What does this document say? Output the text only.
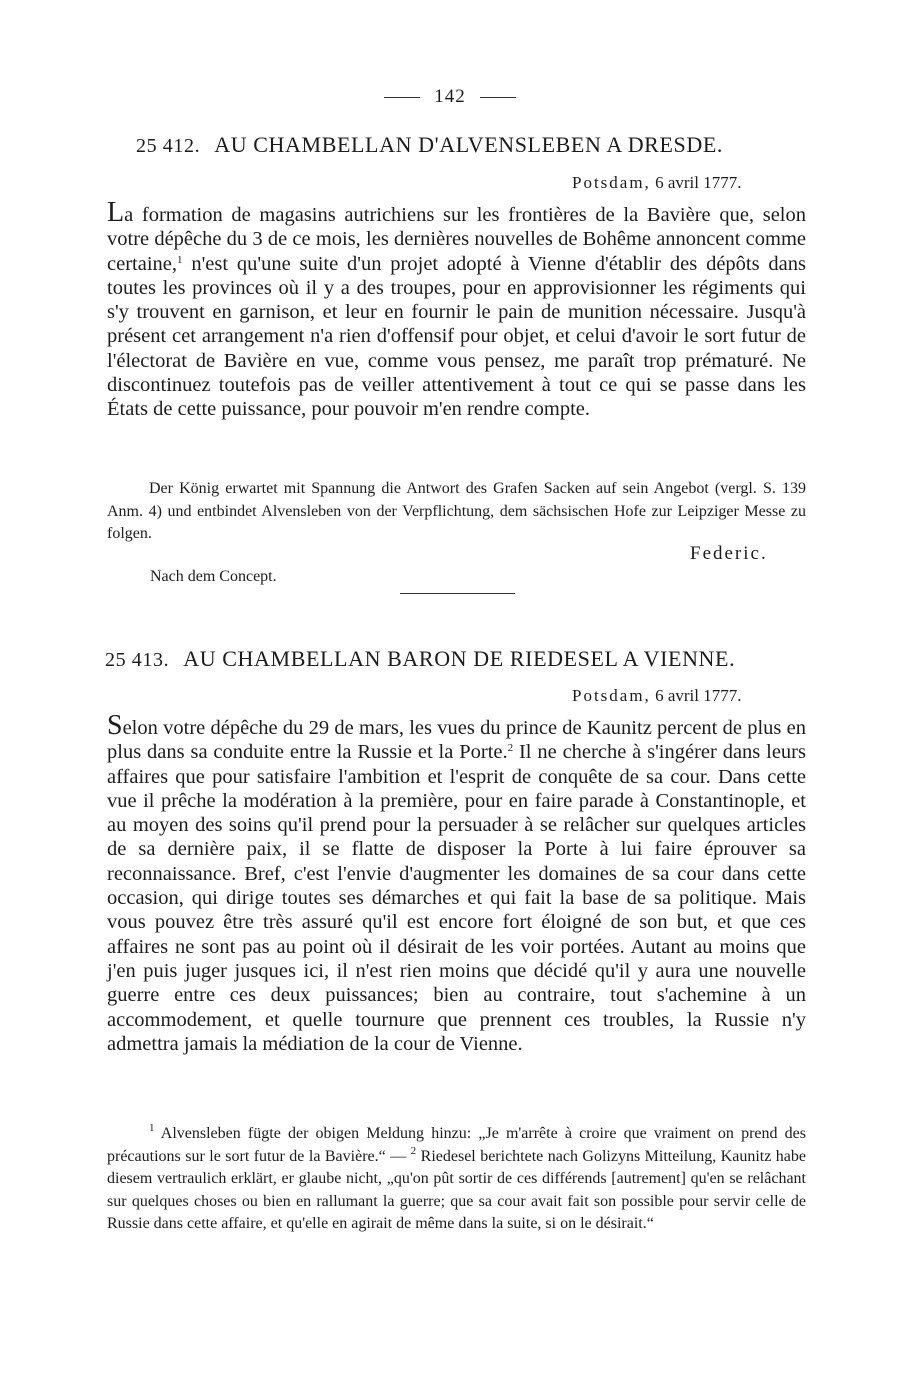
142
25 412. AU CHAMBELLAN D'ALVENSLEBEN A DRESDE.
Potsdam, 6 avril 1777.

La formation de magasins autrichiens sur les frontières de la Bavière que, selon votre dépêche du 3 de ce mois, les dernières nouvelles de Bohême annoncent comme certaine,$^1$ n'est qu'une suite d'un projet adopté à Vienne d'établir des dépôts dans toutes les provinces où il y a des troupes, pour en approvisionner les régiments qui s'y trouvent en garnison, et leur en fournir le pain de munition nécessaire. Jusqu'à présent cet arrangement n'a rien d'offensif pour objet, et celui d'avoir le sort futur de l'électorat de Bavière en vue, comme vous pensez, me paraît trop prématuré. Ne discontinuez toutefois pas de veiller attentivement à tout ce qui se passe dans les États de cette puissance, pour pouvoir m'en rendre compte.

Der König erwartet mit Spannung die Antwort des Grafen Sacken auf sein Angebot (vergl. S. 139 Anm. 4) und entbindet Alvensleben von der Verpflichtung, dem sächsischen Hofe zur Leipziger Messe zu folgen.
Federic.
Nach dem Concept.
25 413. AU CHAMBELLAN BARON DE RIEDESEL A VIENNE.
Potsdam, 6 avril 1777.

Selon votre dépêche du 29 de mars, les vues du prince de Kaunitz percent de plus en plus dans sa conduite entre la Russie et la Porte.$^2$ Il ne cherche à s'ingérer dans leurs affaires que pour satisfaire l'ambition et l'esprit de conquête de sa cour. Dans cette vue il prêche la modération à la première, pour en faire parade à Constantinople, et au moyen des soins qu'il prend pour la persuader à se relâcher sur quelques articles de sa dernière paix, il se flatte de disposer la Porte à lui faire éprouver sa reconnaissance. Bref, c'est l'envie d'augmenter les domaines de sa cour dans cette occasion, qui dirige toutes ses démarches et qui fait la base de sa politique. Mais vous pouvez être très assuré qu'il est encore fort éloigné de son but, et que ces affaires ne sont pas au point où il désirait de les voir portées. Autant au moins que j'en puis juger jusques ici, il n'est rien moins que décidé qu'il y aura une nouvelle guerre entre ces deux puissances; bien au contraire, tout s'achemine à un accommodement, et quelle tournure que prennent ces troubles, la Russie n'y admettra jamais la médiation de la cour de Vienne.

$^1$ Alvensleben fügte der obigen Meldung hinzu: „Je m'arrête à croire que vraiment on prend des précautions sur le sort futur de la Bavière.“ — $^2$ Riedesel berichtete nach Golizyns Mitteilung, Kaunitz habe diesem vertraulich erklärt, er glaube nicht, „qu'on pût sortir de ces différends [autrement] qu'en se relâchant sur quelques choses ou bien en rallumant la guerre; que sa cour avait fait son possible pour servir celle de Russie dans cette affaire, et qu'elle en agirait de même dans la suite, si on le désirait.“
